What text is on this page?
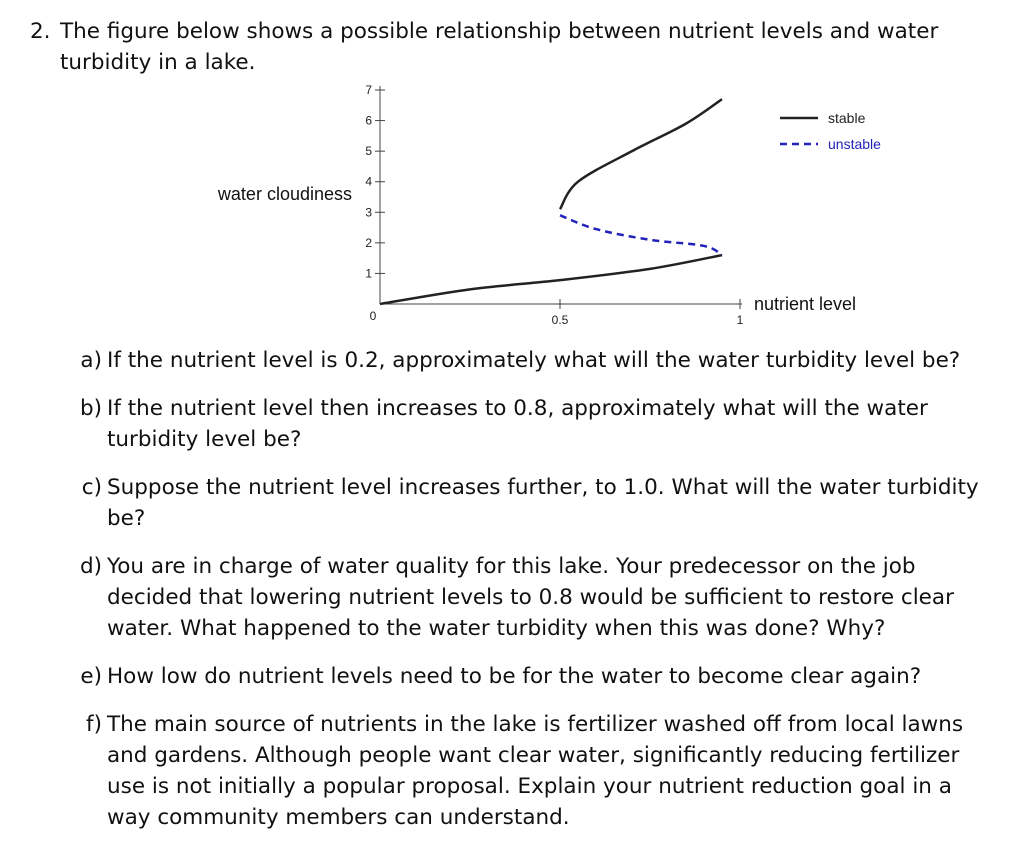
2. The figure below shows a possible relationship between nutrient levels and water turbidity in a lake.
1
2
3
4
5
6
7
0.5	1
0
water cloudiness
nutrient level
stable
unstable
a) If the nutrient level is 0.2, approximately what will the water turbidity level be?
b) If the nutrient level then increases to 0.8, approximately what will the water turbidity level be?
c) Suppose the nutrient level increases further, to 1.0. What will the water turbidity be?
d) You are in charge of water quality for this lake. Your predecessor on the job decided that lowering nutrient levels to 0.8 would be sufficient to restore clear water. What happened to the water turbidity when this was done? Why?
e) How low do nutrient levels need to be for the water to become clear again?
f) The main source of nutrients in the lake is fertilizer washed off from local lawns and gardens. Although people want clear water, significantly reducing fertilizer use is not initially a popular proposal. Explain your nutrient reduction goal in a way community members can understand.
